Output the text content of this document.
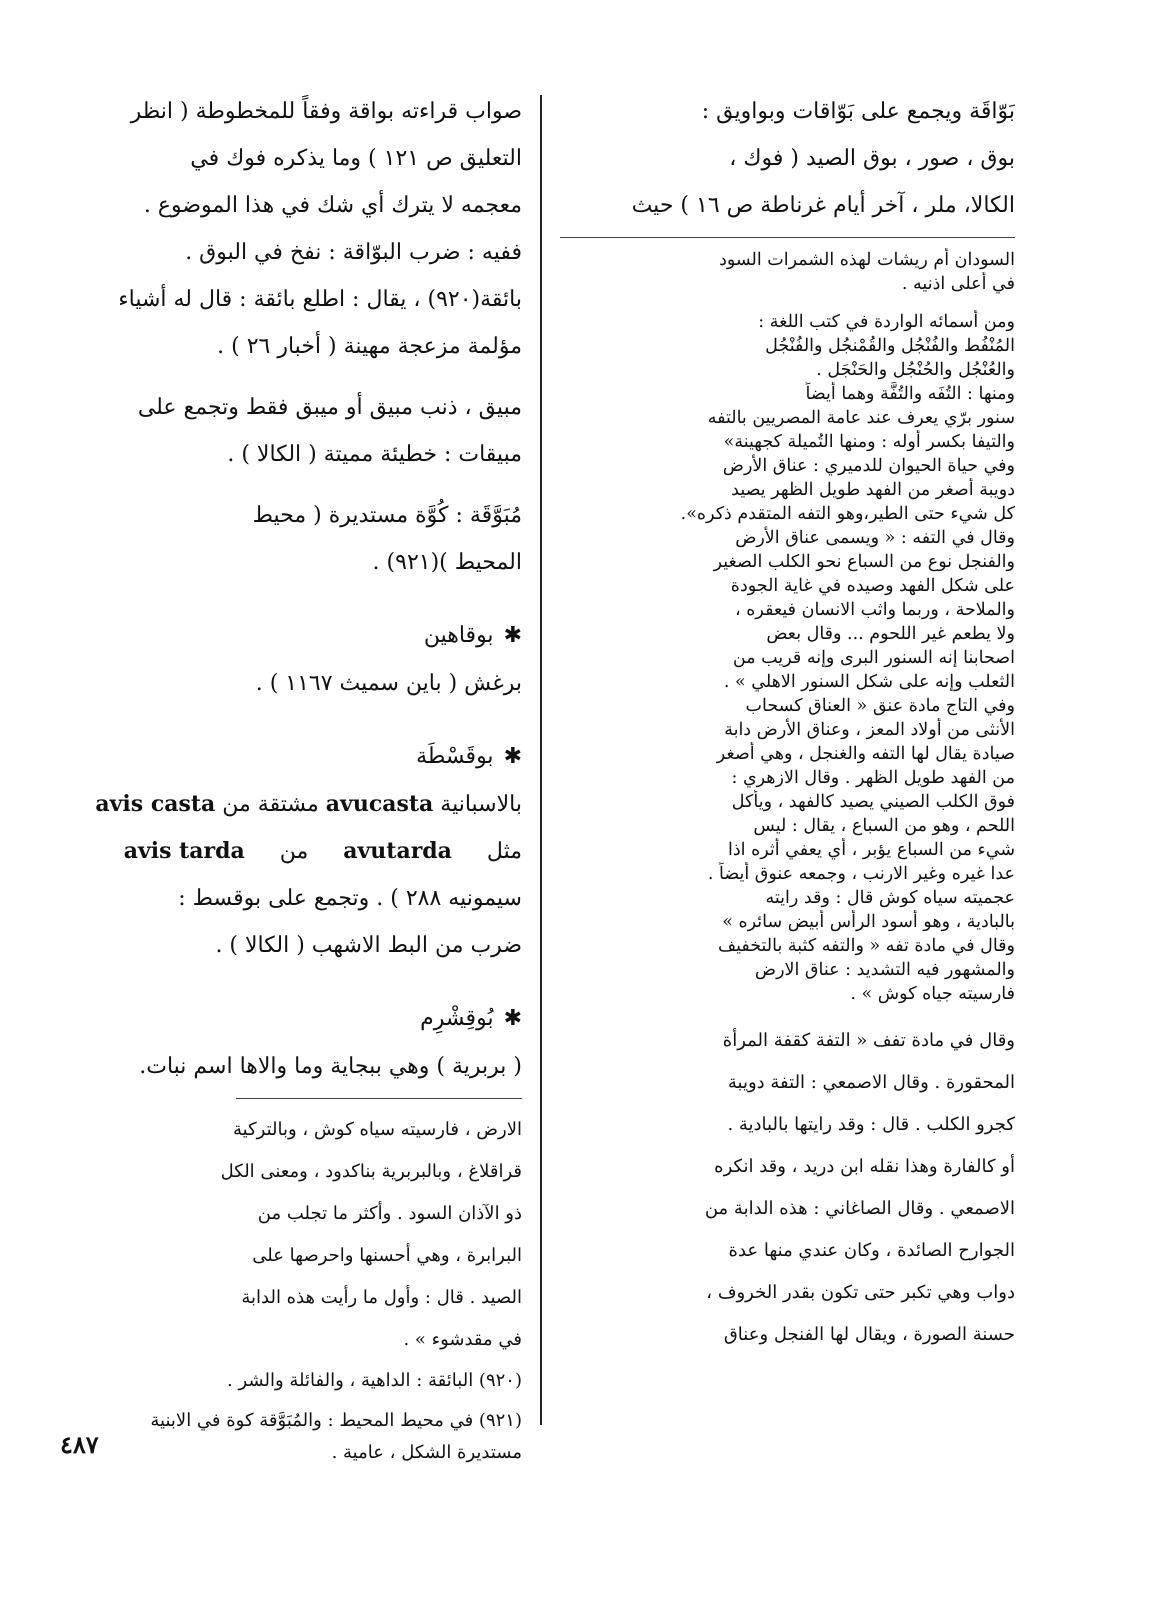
بَوّاقَة ويجمع على بَوّاقات وبواويق :

بوق ، صور ، بوق الصيد ( فوك ،

الكالا، ملر ، آخر أيام غرناطة ص ١٦ ) حيث

السودان أم ريشات لهذه الشمرات السود

في أعلى اذنيه .

ومن أسمائه الواردة في كتب اللغة :

المُنْفُط والفُنْجُل والقُمْنجُل والفُنْجُل

والعُنْجُل والحُنْجُل والحَنْجَل .

ومنها : التُفَه والتُفَّة وهما أيضاً

سنور برّي يعرف عند عامة المصريين بالتفه

والتيفا بكسر أوله : ومنها التُميلة كجهينة»

وفي حياة الحيوان للدميري : عناق الأرض

دويبة أصغر من الفهد طويل الظهر يصيد

كل شيء حتى الطير،وهو التفه المتقدم ذكره».

وقال في التفه : « ويسمى عناق الأرض

والفنجل نوع من السباع نحو الكلب الصغير

على شكل الفهد وصيده في غاية الجودة

والملاحة ، وربما واثب الانسان فيعقره ،

ولا يطعم غير اللحوم ... وقال بعض

اصحابنا إنه السنور البرى وإنه قريب من

الثعلب وإنه على شكل السنور الاهلي » .

وفي التاج مادة عنق « العناق كسحاب

الأنثى من أولاد المعز ، وعناق الأرض دابة

صيادة يقال لها التفه والغنجل ، وهي أصغر

من الفهد طويل الظهر . وقال الازهري :

فوق الكلب الصيني يصيد كالفهد ، ويأكل

اللحم ، وهو من السباع ، يقال : ليس

شيء من السباع يؤبر ، أي يعفي أثره اذا

عدا غيره وغير الارنب ، وجمعه عنوق أيضاً .

عجميته سياه كوش قال : وقد رايته

بالبادية ، وهو أسود الرأس أبيض سائره »

وقال في مادة تفه « والتفه كثبة بالتخفيف

والمشهور فيه التشديد : عناق الارض

فارسيته جياه كوش » .

وقال في مادة تفف « التفة كقفة المرأة

المحقورة . وقال الاصمعي : التفة دويبة

كجرو الكلب . قال : وقد رايتها بالبادية .

أو كالفارة وهذا نقله ابن دريد ، وقد انكره

الاصمعي . وقال الصاغاني : هذه الدابة من

الجوارح الصائدة ، وكان عندي منها عدة

دواب وهي تكبر حتى تكون بقدر الخروف ،

حسنة الصورة ، ويقال لها الفنجل وعناق

صواب قراءته بواقة وفقاً للمخطوطة ( انظر

التعليق ص ١٢١ ) وما يذكره فوك في

معجمه لا يترك أي شك في هذا الموضوع .

ففيه : ضرب البوّاقة : نفخ في البوق .

بائقة(٩٢٠) ، يقال : اطلع بائقة : قال له أشياء

مؤلمة مزعجة مهينة ( أخبار ٢٦ ) .

مبيق ، ذنب مبيق أو ميبق فقط وتجمع على

مبيقات : خطيئة مميتة ( الكالا ) .

مُبَوَّقَة : كُوَّة مستديرة ( محيط

المحيط )(٩٢١) .

✱بوقاهين

برغش ( باين سميث ١١٦٧ ) .

✱بوقَسْطَة

بالاسبانية avucasta مشتقة من avis casta

مثل     avutarda     من     avis tarda

سيمونيه ٢٨٨ ) . وتجمع على بوقسط :

ضرب من البط الاشهب ( الكالا ) .

✱بُوقِشْرِم

( بربرية ) وهي ببجاية وما والاها اسم نبات.

الارض ، فارسيته سياه كوش ، وبالتركية

قراقلاغ ، وبالبربرية بناكدود ، ومعنى الكل

ذو الآذان السود . وأكثر ما تجلب من

البرابرة ، وهي أحسنها واحرصها على

الصيد . قال : وأول ما رأيت هذه الدابة

في مقدشوء » .

(٩٢٠) البائقة : الداهية ، والفائلة والشر .

(٩٢١) في محيط المحيط : والمُبَوَّقة كوة في الابنية

مستديرة الشكل ، عامية .

٤٨٧
